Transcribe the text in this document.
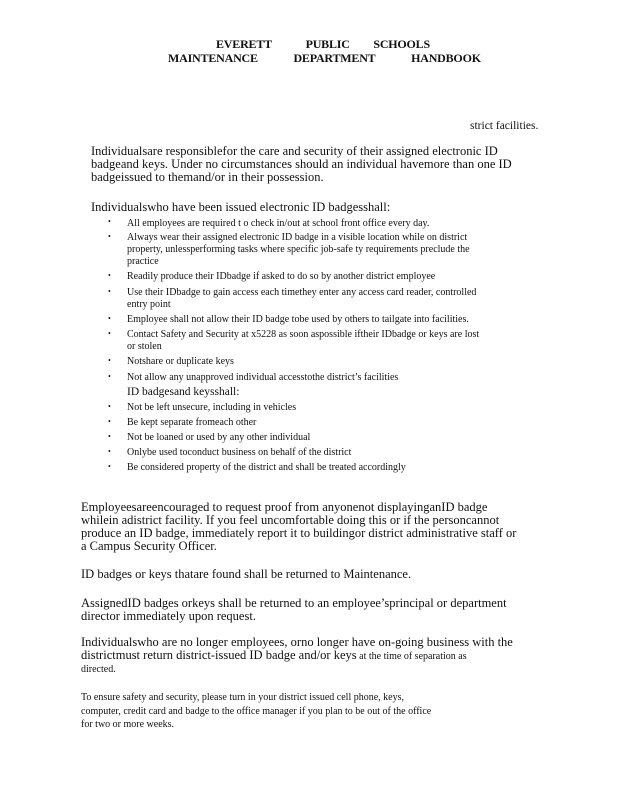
EVERETT	PUBLIC SCHOOLS
MAINTENANCE	DEPARTMENT	HANDBOOK
strict facilities.
Individualsare responsiblefor the care and security of their assigned electronic ID
badgeand keys. Under no circumstances should an individual havemore than one ID
badgeissued to themand/or in their possession.
Individualswho have been issued electronic ID badgesshall:
• All employees are required t o check in/out at school front office every day.
• Always wear their assigned electronic ID badge in a visible location while on district
property, unlessperforming tasks where specific job-safe ty requirements preclude the
practice
• Readily produce their IDbadge if asked to do so by another district employee
• Use their IDbadge to gain access each timethey enter any access card reader, controlled
entry point
• Employee shall not allow their ID badge tobe used by others to tailgate into facilities.
• Contact Safety and Security at x5228 as soon aspossible iftheir IDbadge or keys are lost
or stolen
• Notshare or duplicate keys
• Not allow any unapproved individual accesstothe district’s facilities
ID badgesand keysshall:
• Not be left unsecure, including in vehicles
• Be kept separate fromeach other
• Not be loaned or used by any other individual
• Onlybe used toconduct business on behalf of the district
• Be considered property of the district and shall be treated accordingly
Employeesareencouraged to request proof from anyonenot displayinganID badge
whilein adistrict facility. If you feel uncomfortable doing this or if the personcannot
produce an ID badge, immediately report it to buildingor district administrative staff or
a Campus Security Officer.
ID badges or keys thatare found shall be returned to Maintenance.
AssignedID badges orkeys shall be returned to an employee’sprincipal or department
director immediately upon request.
Individualswho are no longer employees, orno longer have on-going business with the
districtmust return district-issued ID badge and/or keys at the time of separation as
directed.
To ensure safety and security, please turn in your district issued cell phone, keys,
computer, credit card and badge to the office manager if you plan to be out of the office
for two or more weeks.
